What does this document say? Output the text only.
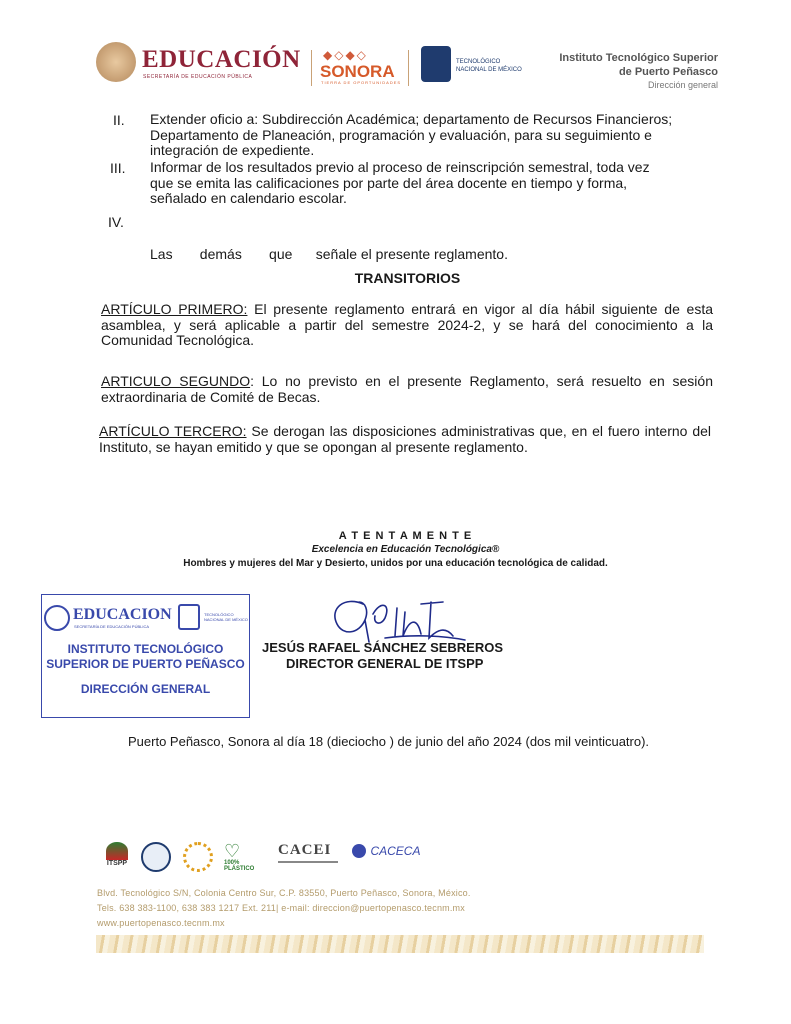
EDUCACIÓN
SECRETARÍA DE EDUCACIÓN PÚBLICA
◆◇◆◇
SONORA
TIERRA DE OPORTUNIDADES
TECNOLÓGICO
NACIONAL DE MÉXICO
Instituto Tecnológico Superior
de Puerto Peñasco
Dirección general
II. Extender oficio a: Subdirección Académica; departamento de Recursos Financieros;
Departamento de Planeación, programación y evaluación, para su seguimiento e
integración de expediente.
III. Informar de los resultados previo al proceso de reinscripción semestral, toda vez
que se emita las calificaciones por parte del área docente en tiempo y forma,
señalado en calendario escolar.
IV.

Las       demás       que      señale el presente reglamento.

TRANSITORIOS
ARTÍCULO PRIMERO: El presente reglamento entrará en vigor al día hábil siguiente de esta asamblea, y será aplicable a partir del semestre 2024-2, y se hará del conocimiento a la Comunidad Tecnológica.
ARTICULO SEGUNDO: Lo no previsto en el presente Reglamento, será resuelto en sesión extraordinaria de Comité de Becas.
ARTÍCULO TERCERO: Se derogan las disposiciones administrativas que, en el fuero interno del Instituto, se hayan emitido y que se opongan al presente reglamento.
A T E N T A M E N T E
Excelencia en Educación Tecnológica®
Hombres y mujeres del Mar y Desierto, unidos por una educación tecnológica de calidad.
EDUCACION
SECRETARÍA DE EDUCACIÓN PÚBLICA
TECNOLÓGICO
NACIONAL DE MÉXICO
INSTITUTO TECNOLÓGICO
SUPERIOR DE PUERTO PEÑASCO
DIRECCIÓN GENERAL
JESÚS RAFAEL SÁNCHEZ SEBREROS
DIRECTOR GENERAL DE ITSPP
Puerto Peñasco, Sonora al día 18 (dieciocho ) de junio del año 2024 (dos mil veinticuatro).
ITSPP
♡
100% PLÁSTICO
CACEI	CACECA
Blvd. Tecnológico S/N, Colonia Centro Sur, C.P. 83550, Puerto Peñasco, Sonora, México.
Tels. 638 383-1100, 638 383 1217 Ext. 211| e-mail: direccion@puertopenasco.tecnm.mx
www.puertopenasco.tecnm.mx
